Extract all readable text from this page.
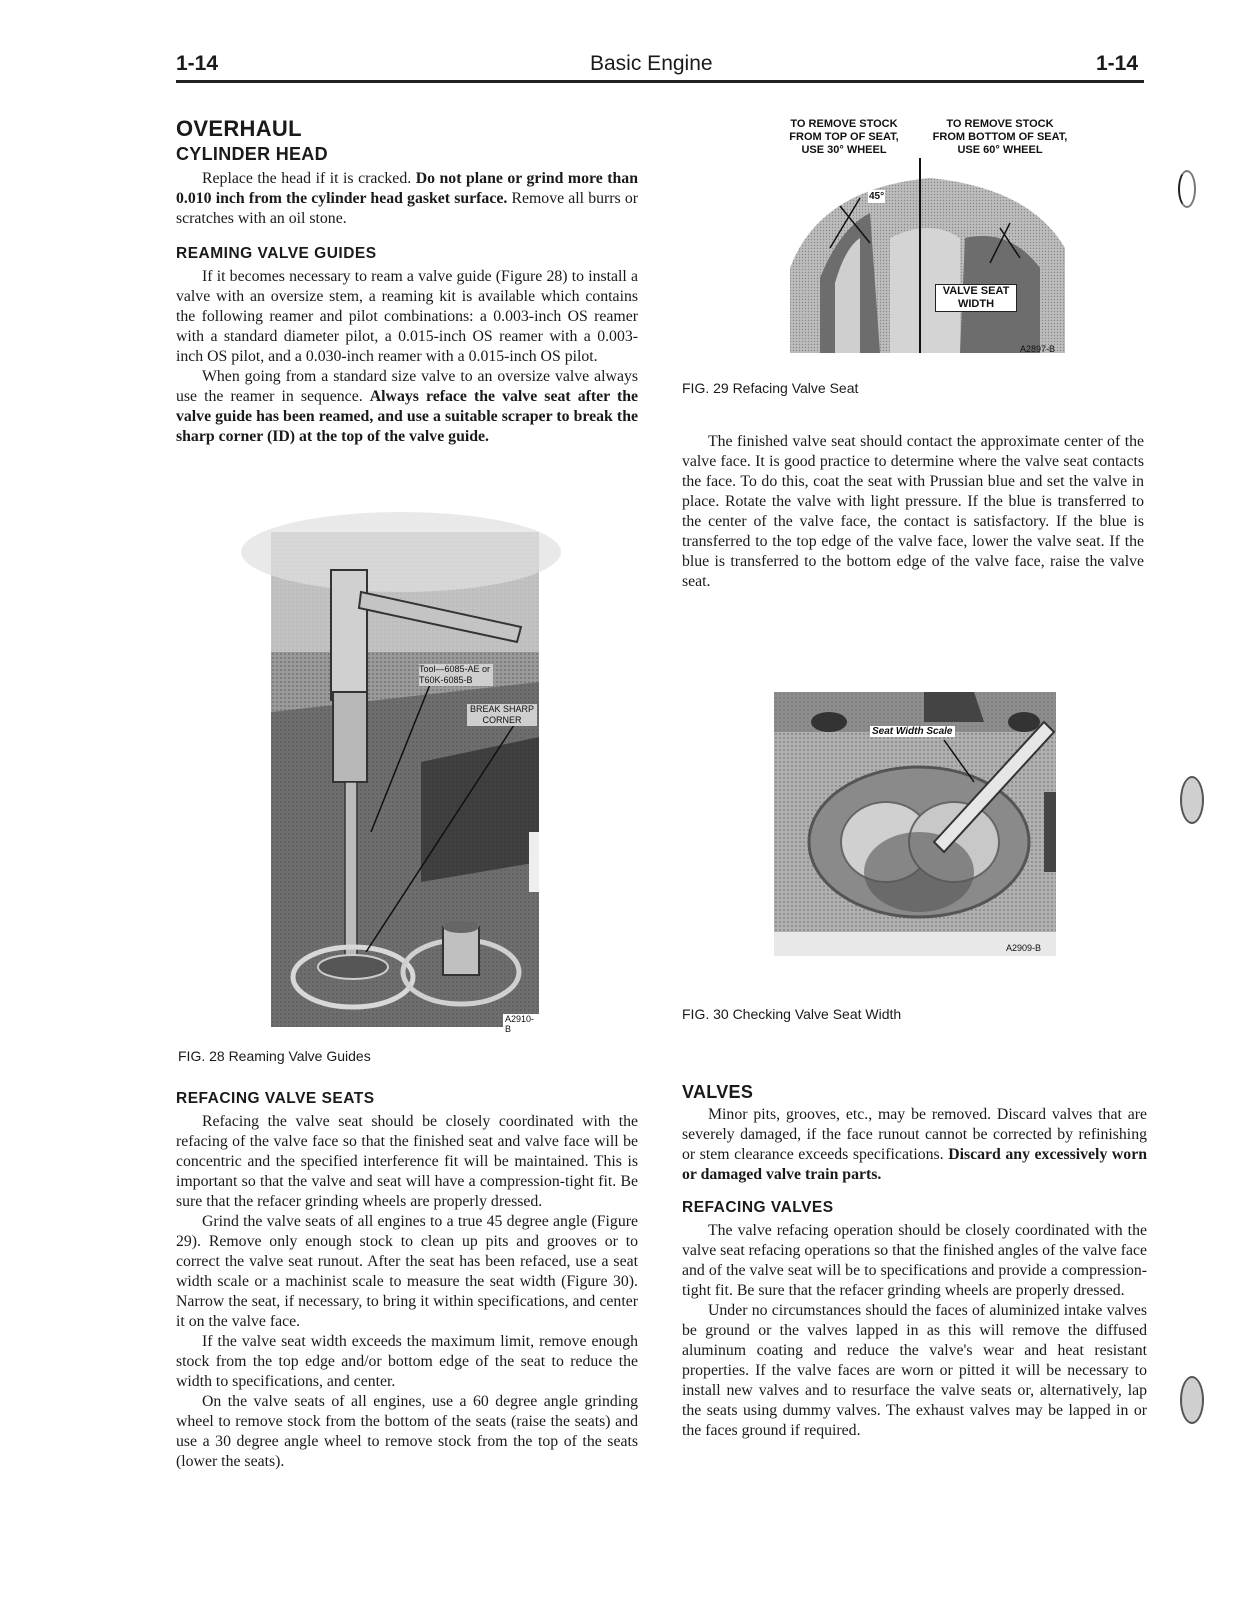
1-14	Basic Engine	1-14
OVERHAUL
CYLINDER HEAD

Replace the head if it is cracked. Do not plane or grind more than 0.010 inch from the cylinder head gasket surface. Remove all burrs or scratches with an oil stone.

REAMING VALVE GUIDES

If it becomes necessary to ream a valve guide (Figure 28) to install a valve with an oversize stem, a reaming kit is available which contains the following reamer and pilot combinations: a 0.003-inch OS reamer with a standard diameter pilot, a 0.015-inch OS reamer with a 0.003-inch OS pilot, and a 0.030-inch reamer with a 0.015-inch OS pilot.

When going from a standard size valve to an oversize valve always use the reamer in sequence. Always reface the valve seat after the valve guide has been reamed, and use a suitable scraper to break the sharp corner (ID) at the top of the valve guide.

Tool—6085-AE or T60K-6085-B
BREAK SHARP CORNER
A2910-B
FIG. 28 Reaming Valve Guides
REFACING VALVE SEATS

Refacing the valve seat should be closely coordinated with the refacing of the valve face so that the finished seat and valve face will be concentric and the specified interference fit will be maintained. This is important so that the valve and seat will have a compression-tight fit. Be sure that the refacer grinding wheels are properly dressed.

Grind the valve seats of all engines to a true 45 degree angle (Figure 29). Remove only enough stock to clean up pits and grooves or to correct the valve seat runout. After the seat has been refaced, use a seat width scale or a machinist scale to measure the seat width (Figure 30). Narrow the seat, if necessary, to bring it within specifications, and center it on the valve face.

If the valve seat width exceeds the maximum limit, remove enough stock from the top edge and/or bottom edge of the seat to reduce the width to specifications, and center.

On the valve seats of all engines, use a 60 degree angle grinding wheel to remove stock from the bottom of the seats (raise the seats) and use a 30 degree angle wheel to remove stock from the top of the seats (lower the seats).

TO REMOVE STOCK FROM TOP OF SEAT, USE 30° WHEEL
TO REMOVE STOCK FROM BOTTOM OF SEAT, USE 60° WHEEL
45°
VALVE SEAT WIDTH
A2897-B
FIG. 29 Refacing Valve Seat

The finished valve seat should contact the approximate center of the valve face. It is good practice to determine where the valve seat contacts the face. To do this, coat the seat with Prussian blue and set the valve in place. Rotate the valve with light pressure. If the blue is transferred to the center of the valve face, the contact is satisfactory. If the blue is transferred to the top edge of the valve face, lower the valve seat. If the blue is transferred to the bottom edge of the valve face, raise the valve seat.

Seat Width Scale
A2909-B
FIG. 30 Checking Valve Seat Width
VALVES

Minor pits, grooves, etc., may be removed. Discard valves that are severely damaged, if the face runout cannot be corrected by refinishing or stem clearance exceeds specifications. Discard any excessively worn or damaged valve train parts.

REFACING VALVES

The valve refacing operation should be closely coordinated with the valve seat refacing operations so that the finished angles of the valve face and of the valve seat will be to specifications and provide a compression-tight fit. Be sure that the refacer grinding wheels are properly dressed.

Under no circumstances should the faces of aluminized intake valves be ground or the valves lapped in as this will remove the diffused aluminum coating and reduce the valve's wear and heat resistant properties. If the valve faces are worn or pitted it will be necessary to install new valves and to resurface the valve seats or, alternatively, lap the seats using dummy valves. The exhaust valves may be lapped in or the faces ground if required.
